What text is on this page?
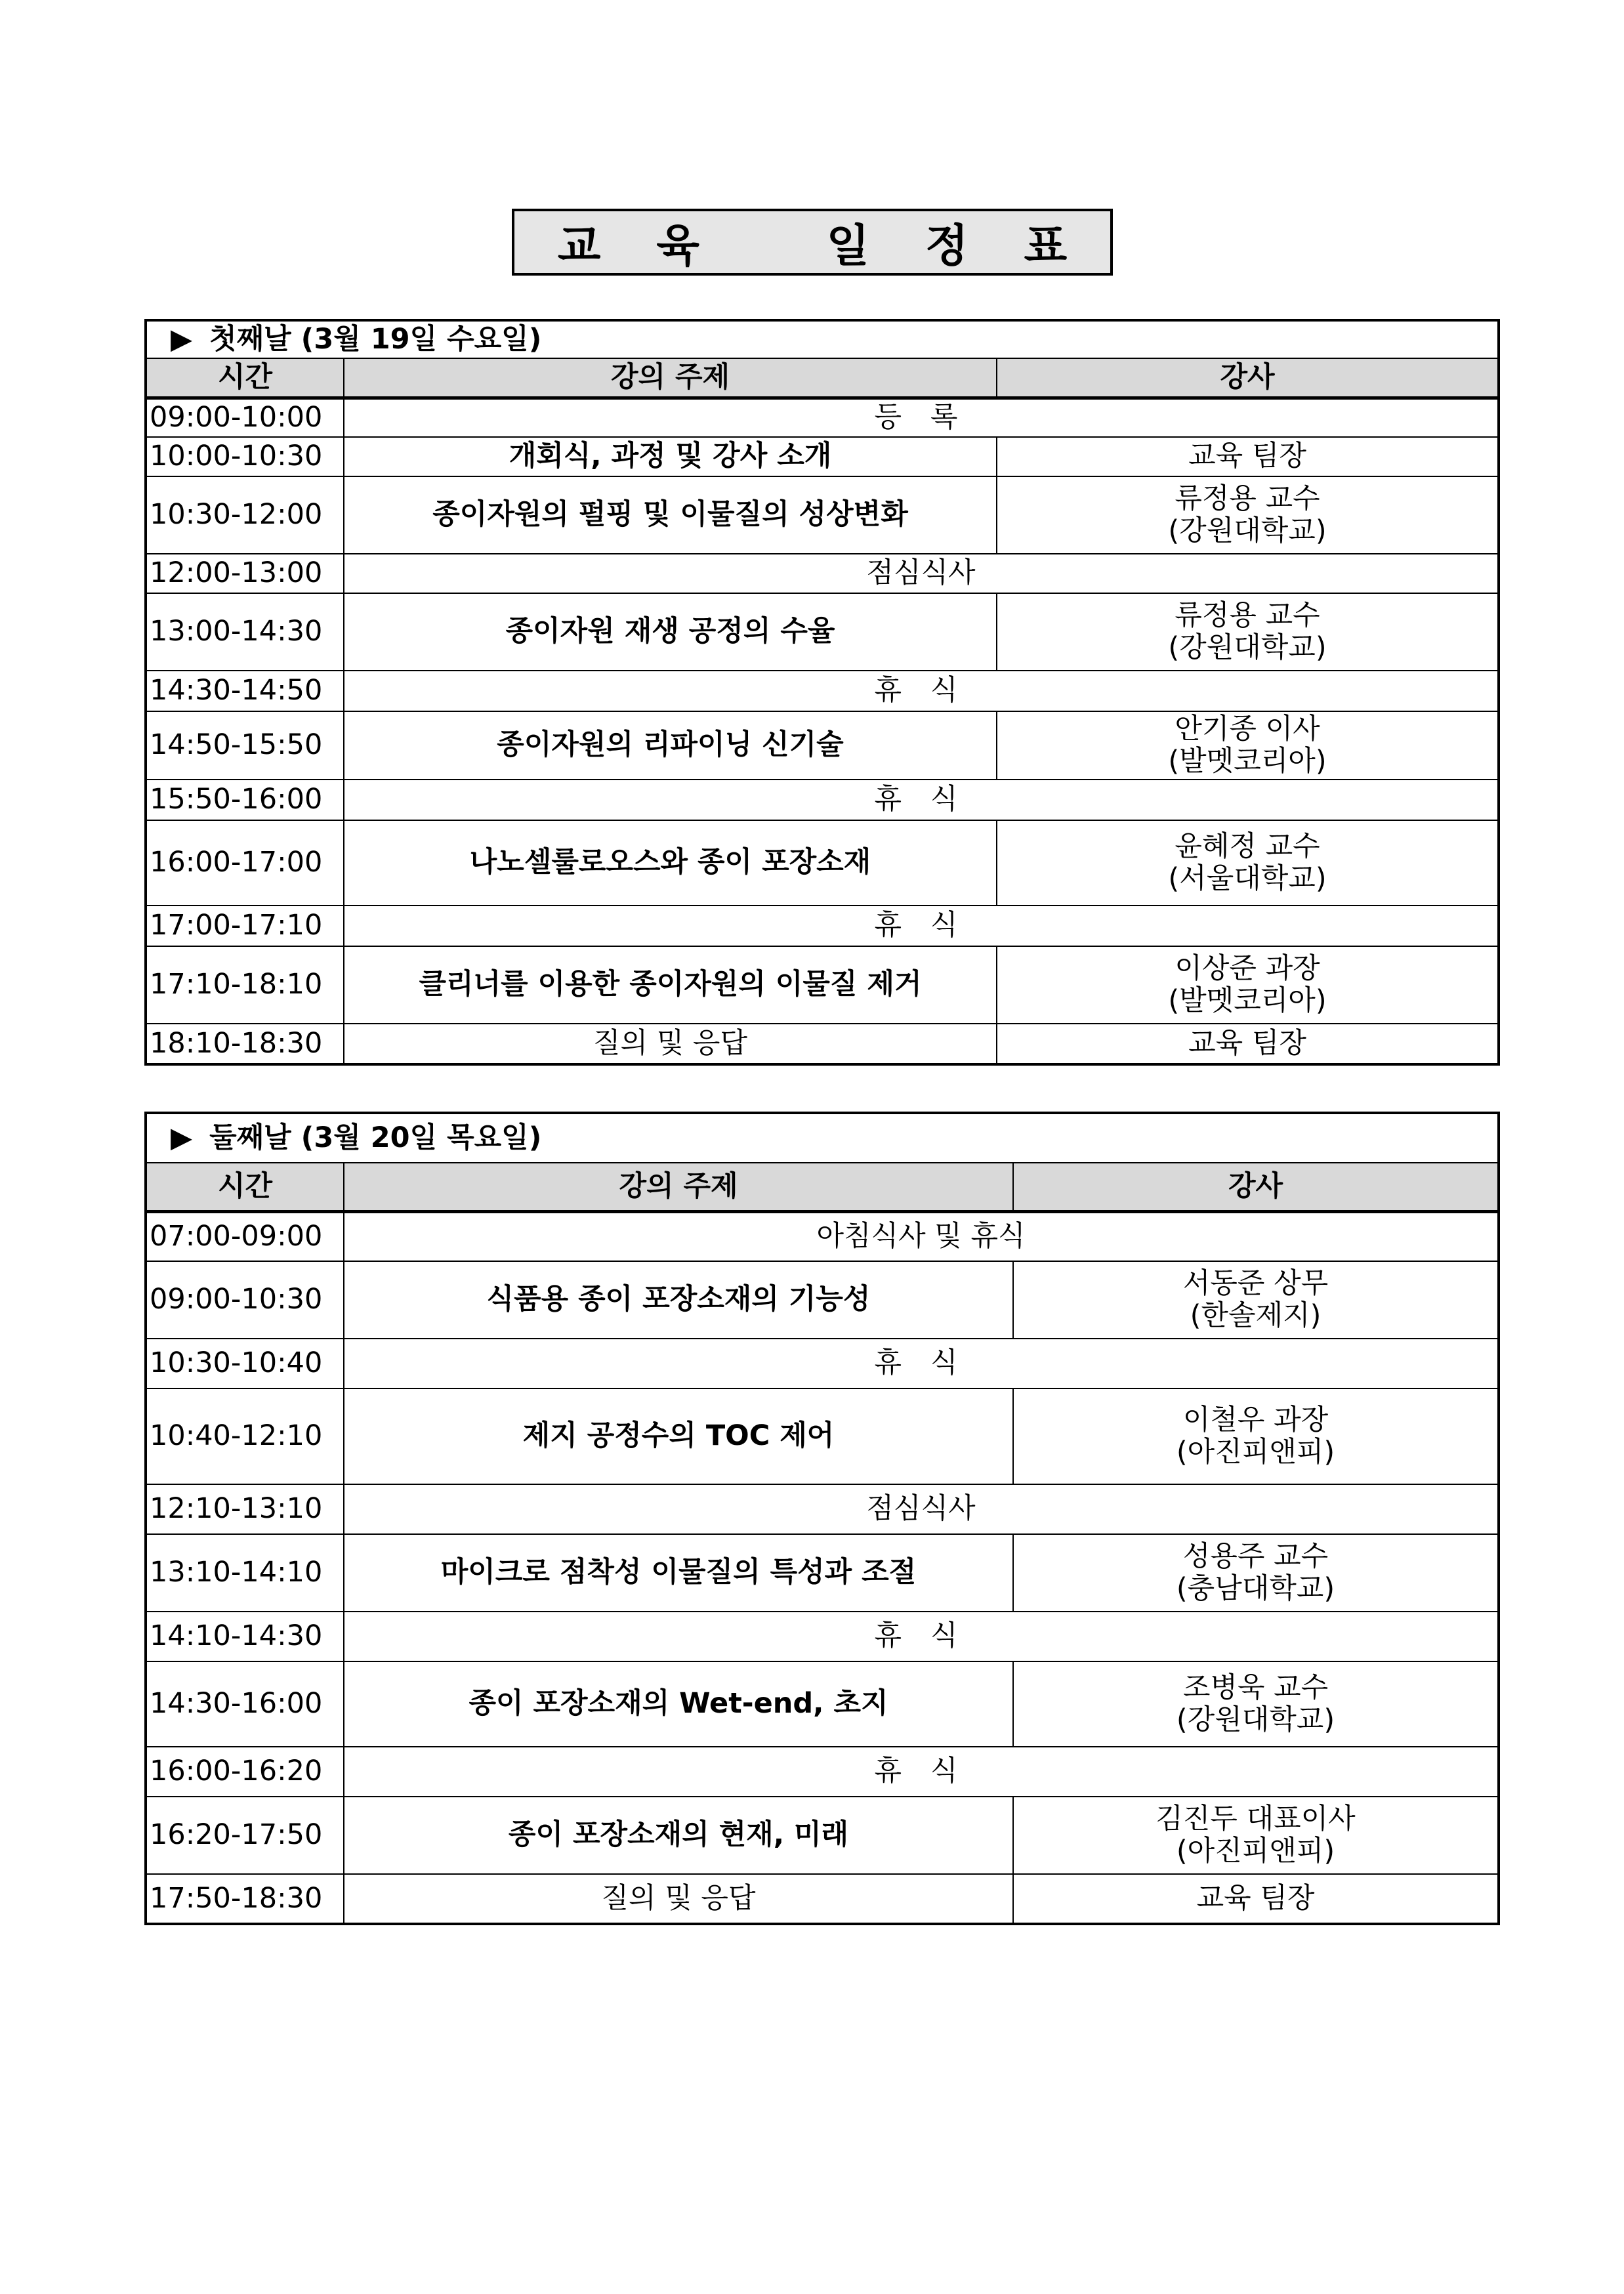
교 육   일 정 표
▶ 첫째날 (3월 19일 수요일)		
시간	강의 주제	강사
09:00-10:00	등 록	
10:00-10:30	개회식, 과정 및 강사 소개	교육 팀장

10:30-12:00	종이자원의 펄핑 및 이물질의 성상변화	류정용 교수
(강원대학교)

12:00-13:00	점심식사	
13:00-14:30	종이자원 재생 공정의 수율	류정용 교수
(강원대학교)

14:30-14:50	휴 식	
14:50-15:50	종이자원의 리파이닝 신기술	안기종 이사
(발멧코리아)

15:50-16:00	휴 식	
16:00-17:00	나노셀룰로오스와 종이 포장소재	윤혜정 교수
(서울대학교)

17:00-17:10	휴 식	
17:10-18:10	클리너를 이용한 종이자원의 이물질 제거	이상준 과장
(발멧코리아)

18:10-18:30	질의 및 응답	교육 팀장
▶ 둘째날 (3월 20일 목요일)		
시간	강의 주제	강사
07:00-09:00	아침식사 및 휴식	
09:00-10:30	식품용 종이 포장소재의 기능성	서동준 상무
(한솔제지)

10:30-10:40	휴 식	
10:40-12:10	제지 공정수의 TOC 제어	이철우 과장
(아진피앤피)

12:10-13:10	점심식사	
13:10-14:10	마이크로 점착성 이물질의 특성과 조절	성용주 교수
(충남대학교)

14:10-14:30	휴 식	
14:30-16:00	종이 포장소재의 Wet-end, 초지	조병욱 교수
(강원대학교)

16:00-16:20	휴 식	
16:20-17:50	종이 포장소재의 현재, 미래	김진두 대표이사
(아진피앤피)

17:50-18:30	질의 및 응답	교육 팀장
